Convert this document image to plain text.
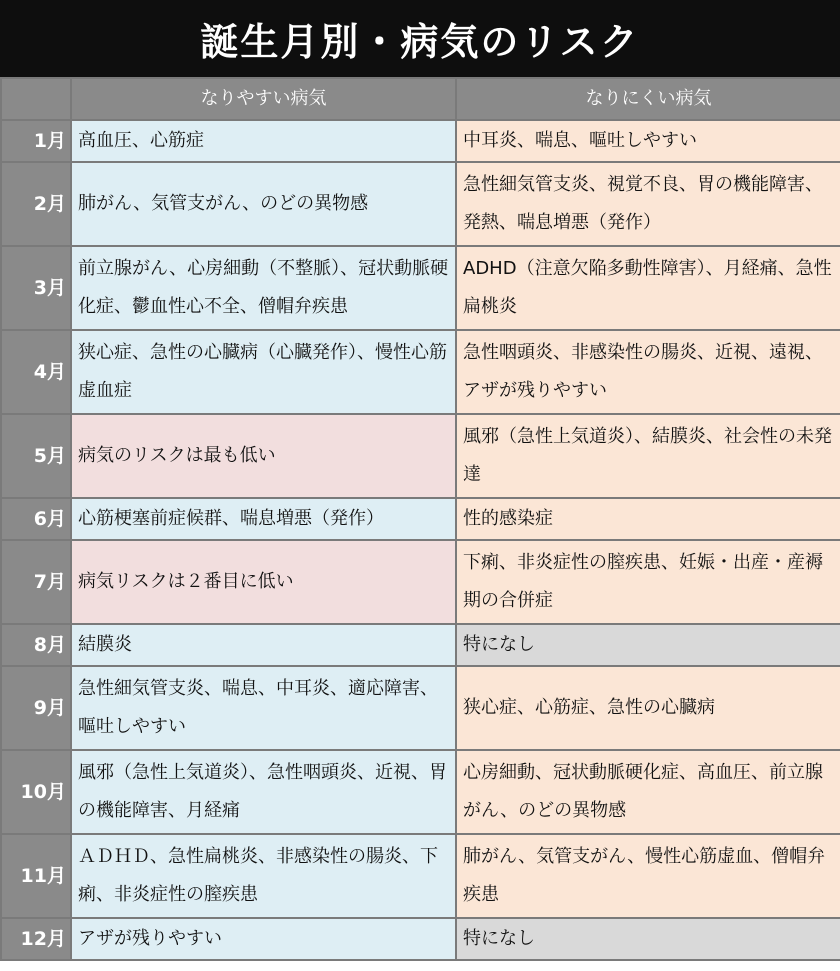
誕生月別・病気のリスク
	なりやすい病気	なりにくい病気
1月	高血圧、心筋症	中耳炎、喘息、嘔吐しやすい
2月	肺がん、気管支がん、のどの異物感	急性細気管支炎、視覚不良、胃の機能障害、発熱、喘息増悪（発作）
3月	前立腺がん、心房細動（不整脈）、冠状動脈硬化症、鬱血性心不全、僧帽弁疾患	ADHD（注意欠陥多動性障害）、月経痛、急性扁桃炎
4月	狭心症、急性の心臓病（心臓発作）、慢性心筋虚血症	急性咽頭炎、非感染性の腸炎、近視、遠視、アザが残りやすい
5月	病気のリスクは最も低い	風邪（急性上気道炎）、結膜炎、社会性の未発達
6月	心筋梗塞前症候群、喘息増悪（発作）	性的感染症
7月	病気リスクは２番目に低い	下痢、非炎症性の膣疾患、妊娠・出産・産褥期の合併症
8月	結膜炎	特になし
9月	急性細気管支炎、喘息、中耳炎、適応障害、嘔吐しやすい	狭心症、心筋症、急性の心臓病
10月	風邪（急性上気道炎）、急性咽頭炎、近視、胃の機能障害、月経痛	心房細動、冠状動脈硬化症、高血圧、前立腺がん、のどの異物感
11月	ＡＤＨＤ、急性扁桃炎、非感染性の腸炎、下痢、非炎症性の膣疾患	肺がん、気管支がん、慢性心筋虚血、僧帽弁疾患
12月	アザが残りやすい	特になし
